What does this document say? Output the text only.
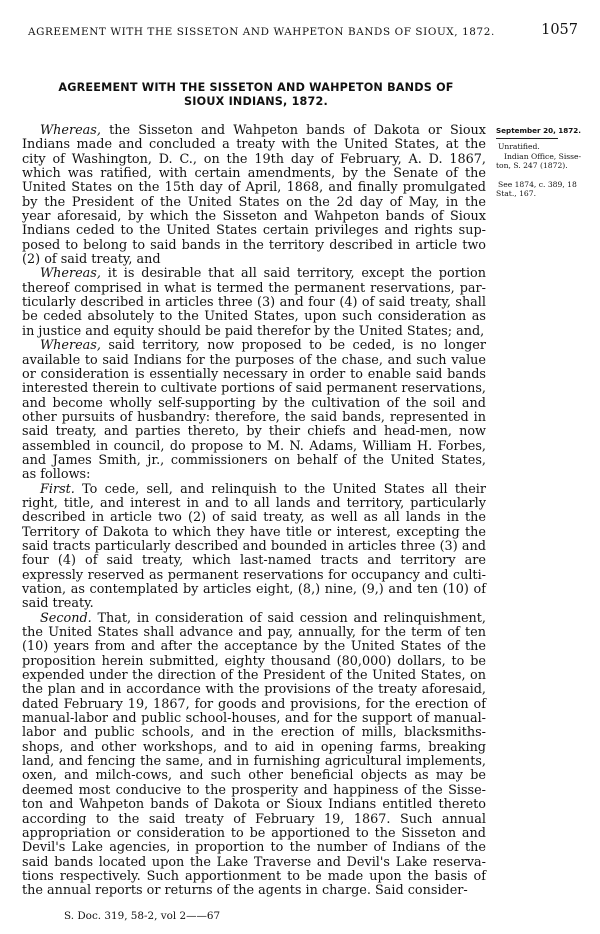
AGREEMENT WITH THE SISSETON AND WAHPETON BANDS OF SIOUX, 1872.	1057
AGREEMENT WITH THE SISSETON AND WAHPETON BANDS OF
SIOUX INDIANS, 1872.
September 20, 1872.
Unratified.
Indian Office, Sisse-
ton, S. 247 (1872).
See 1874, c. 389, 18
Stat., 167.
Whereas, the Sisseton and Wahpeton bands of Dakota or Sioux
Indians made and concluded a treaty with the United States, at the
city of Washington, D. C., on the 19th day of February, A. D. 1867,
which was ratified, with certain amendments, by the Senate of the
United States on the 15th day of April, 1868, and finally promulgated
by the President of the United States on the 2d day of May, in the
year aforesaid, by which the Sisseton and Wahpeton bands of Sioux
Indians ceded to the United States certain privileges and rights sup-
posed to belong to said bands in the territory described in article two
(2) of said treaty, and
Whereas, it is desirable that all said territory, except the portion
thereof comprised in what is termed the permanent reservations, par-
ticularly described in articles three (3) and four (4) of said treaty, shall
be ceded absolutely to the United States, upon such consideration as
in justice and equity should be paid therefor by the United States; and,
Whereas, said territory, now proposed to be ceded, is no longer
available to said Indians for the purposes of the chase, and such value
or consideration is essentially necessary in order to enable said bands
interested therein to cultivate portions of said permanent reservations,
and become wholly self-supporting by the cultivation of the soil and
other pursuits of husbandry: therefore, the said bands, represented in
said treaty, and parties thereto, by their chiefs and head-men, now
assembled in council, do propose to M. N. Adams, William H. Forbes,
and James Smith, jr., commissioners on behalf of the United States,
as follows:
First. To cede, sell, and relinquish to the United States all their
right, title, and interest in and to all lands and territory, particularly
described in article two (2) of said treaty, as well as all lands in the
Territory of Dakota to which they have title or interest, excepting the
said tracts particularly described and bounded in articles three (3) and
four (4) of said treaty, which last-named tracts and territory are
expressly reserved as permanent reservations for occupancy and culti-
vation, as contemplated by articles eight, (8,) nine, (9,) and ten (10) of
said treaty.
Second. That, in consideration of said cession and relinquishment,
the United States shall advance and pay, annually, for the term of ten
(10) years from and after the acceptance by the United States of the
proposition herein submitted, eighty thousand (80,000) dollars, to be
expended under the direction of the President of the United States, on
the plan and in accordance with the provisions of the treaty aforesaid,
dated February 19, 1867, for goods and provisions, for the erection of
manual-labor and public school-houses, and for the support of manual-
labor and public schools, and in the erection of mills, blacksmiths-
shops, and other workshops, and to aid in opening farms, breaking
land, and fencing the same, and in furnishing agricultural implements,
oxen, and milch-cows, and such other beneficial objects as may be
deemed most conducive to the prosperity and happiness of the Sisse-
ton and Wahpeton bands of Dakota or Sioux Indians entitled thereto
according to the said treaty of February 19, 1867. Such annual
appropriation or consideration to be apportioned to the Sisseton and
Devil's Lake agencies, in proportion to the number of Indians of the
said bands located upon the Lake Traverse and Devil's Lake reserva-
tions respectively. Such apportionment to be made upon the basis of
the annual reports or returns of the agents in charge. Said consider-
S. Doc. 319, 58-2, vol 2——67
